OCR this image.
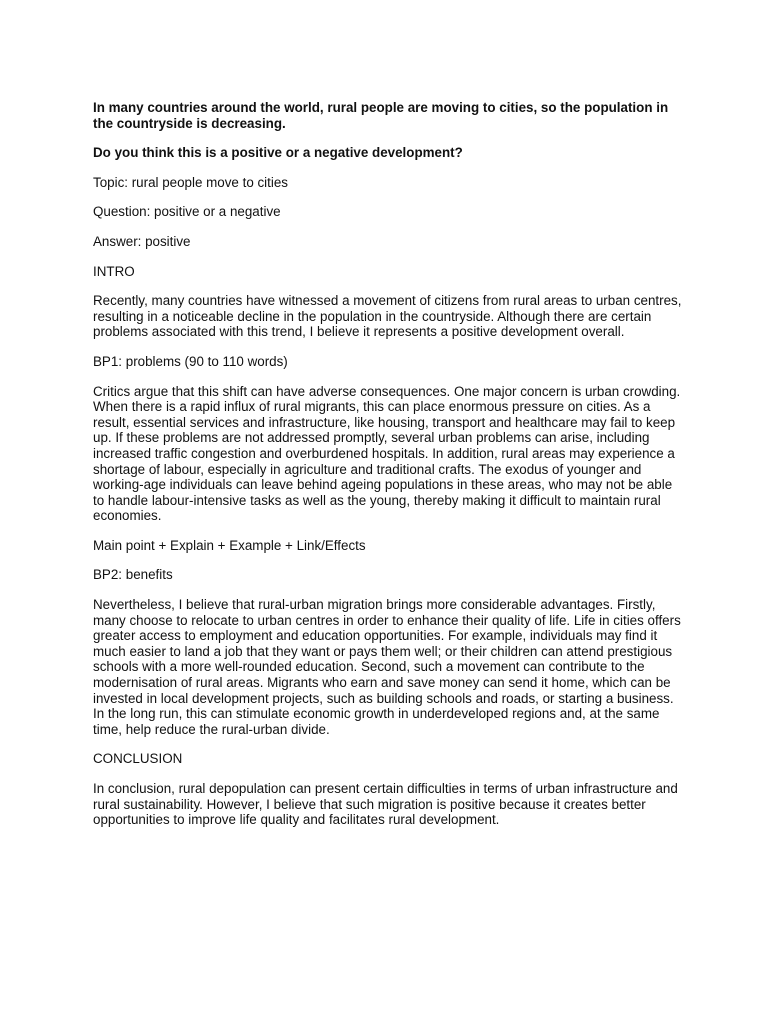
In many countries around the world, rural people are moving to cities, so the population in the countryside is decreasing.

Do you think this is a positive or a negative development?

Topic: rural people move to cities

Question: positive or a negative

Answer: positive

INTRO

Recently, many countries have witnessed a movement of citizens from rural areas to urban centres, resulting in a noticeable decline in the population in the countryside. Although there are certain problems associated with this trend, I believe it represents a positive development overall.

BP1: problems (90 to 110 words)

Critics argue that this shift can have adverse consequences. One major concern is urban crowding. When there is a rapid influx of rural migrants, this can place enormous pressure on cities. As a result, essential services and infrastructure, like housing, transport and healthcare may fail to keep up. If these problems are not addressed promptly, several urban problems can arise, including increased traffic congestion and overburdened hospitals. In addition, rural areas may experience a shortage of labour, especially in agriculture and traditional crafts. The exodus of younger and working-age individuals can leave behind ageing populations in these areas, who may not be able to handle labour-intensive tasks as well as the young, thereby making it difficult to maintain rural economies.

Main point + Explain + Example + Link/Effects

BP2: benefits

Nevertheless, I believe that rural-urban migration brings more considerable advantages. Firstly, many choose to relocate to urban centres in order to enhance their quality of life. Life in cities offers greater access to employment and education opportunities. For example, individuals may find it much easier to land a job that they want or pays them well; or their children can attend prestigious schools with a more well-rounded education. Second, such a movement can contribute to the modernisation of rural areas. Migrants who earn and save money can send it home, which can be invested in local development projects, such as building schools and roads, or starting a business. In the long run, this can stimulate economic growth in underdeveloped regions and, at the same time, help reduce the rural-urban divide.

CONCLUSION

In conclusion, rural depopulation can present certain difficulties in terms of urban infrastructure and rural sustainability. However, I believe that such migration is positive because it creates better opportunities to improve life quality and facilitates rural development.
